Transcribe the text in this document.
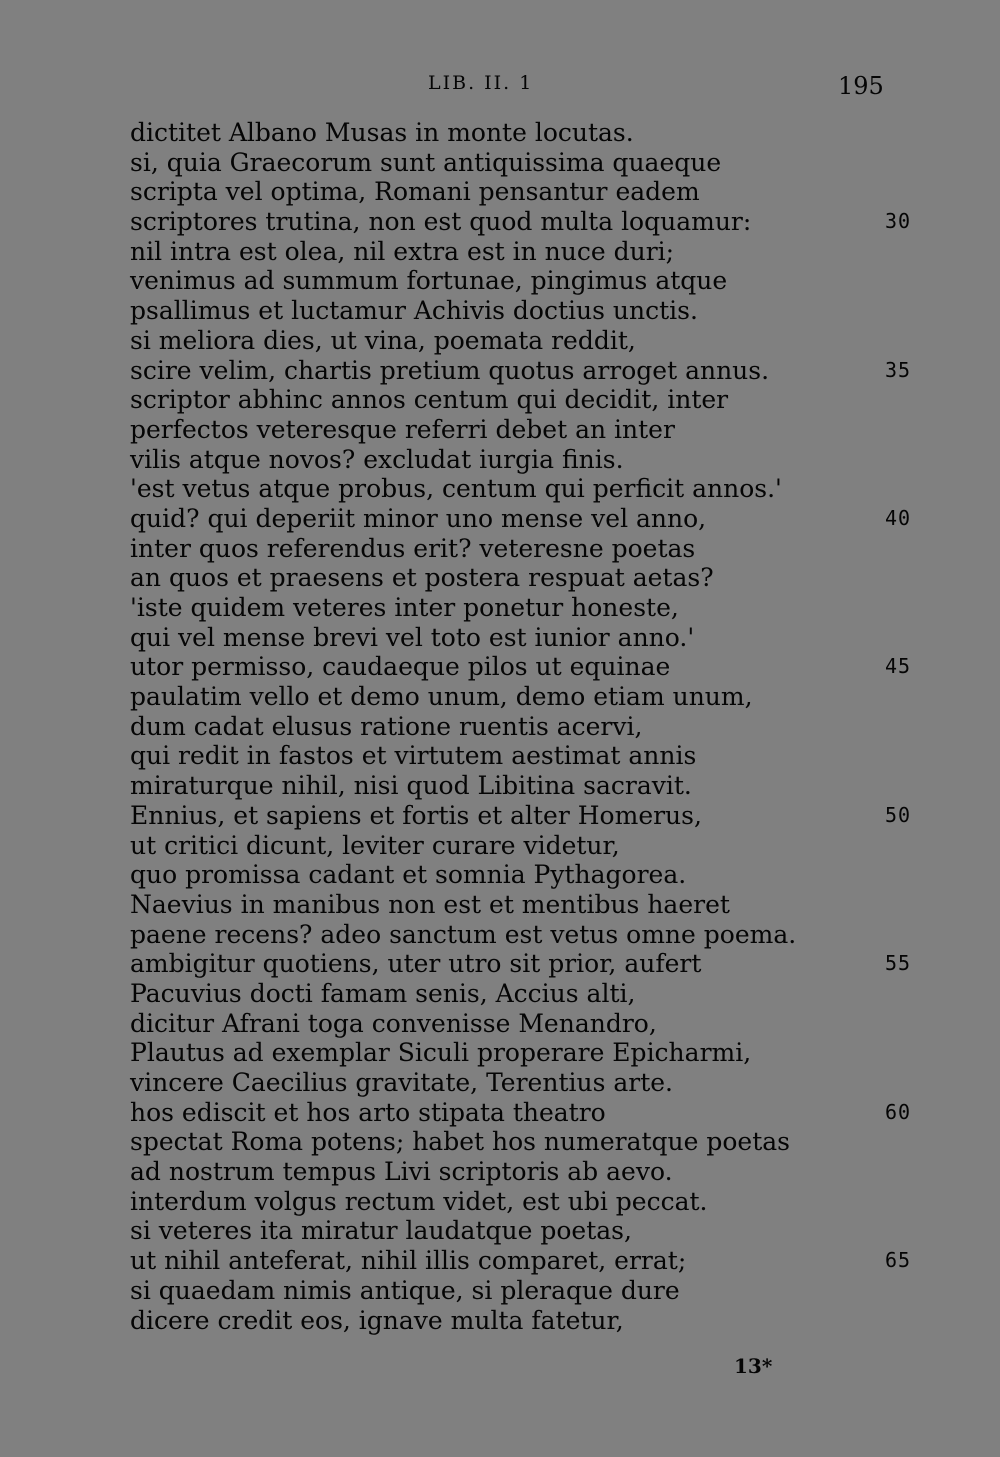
LIB. II. 1	195
dictitet Albano Musas in monte locutas.
si, quia Graecorum sunt antiquissima quaeque
scripta vel optima, Romani pensantur eadem
scriptores trutina, non est quod multa loquamur:	30
nil intra est olea, nil extra est in nuce duri;
venimus ad summum fortunae, pingimus atque
psallimus et luctamur Achivis doctius unctis.
si meliora dies, ut vina, poemata reddit,
scire velim, chartis pretium quotus arroget annus.	35
scriptor abhinc annos centum qui decidit, inter
perfectos veteresque referri debet an inter
vilis atque novos? excludat iurgia finis.
'est vetus atque probus, centum qui perficit annos.'
quid? qui deperiit minor uno mense vel anno,	40
inter quos referendus erit? veteresne poetas
an quos et praesens et postera respuat aetas?
'iste quidem veteres inter ponetur honeste,
qui vel mense brevi vel toto est iunior anno.'
utor permisso, caudaeque pilos ut equinae	45
paulatim vello et demo unum, demo etiam unum,
dum cadat elusus ratione ruentis acervi,
qui redit in fastos et virtutem aestimat annis
miraturque nihil, nisi quod Libitina sacravit.
Ennius, et sapiens et fortis et alter Homerus,	50
ut critici dicunt, leviter curare videtur,
quo promissa cadant et somnia Pythagorea.
Naevius in manibus non est et mentibus haeret
paene recens? adeo sanctum est vetus omne poema.
ambigitur quotiens, uter utro sit prior, aufert	55
Pacuvius docti famam senis, Accius alti,
dicitur Afrani toga convenisse Menandro,
Plautus ad exemplar Siculi properare Epicharmi,
vincere Caecilius gravitate, Terentius arte.
hos ediscit et hos arto stipata theatro	60
spectat Roma potens; habet hos numeratque poetas
ad nostrum tempus Livi scriptoris ab aevo.
interdum volgus rectum videt, est ubi peccat.
si veteres ita miratur laudatque poetas,
ut nihil anteferat, nihil illis comparet, errat;	65
si quaedam nimis antique, si pleraque dure
dicere credit eos, ignave multa fatetur,
13*
